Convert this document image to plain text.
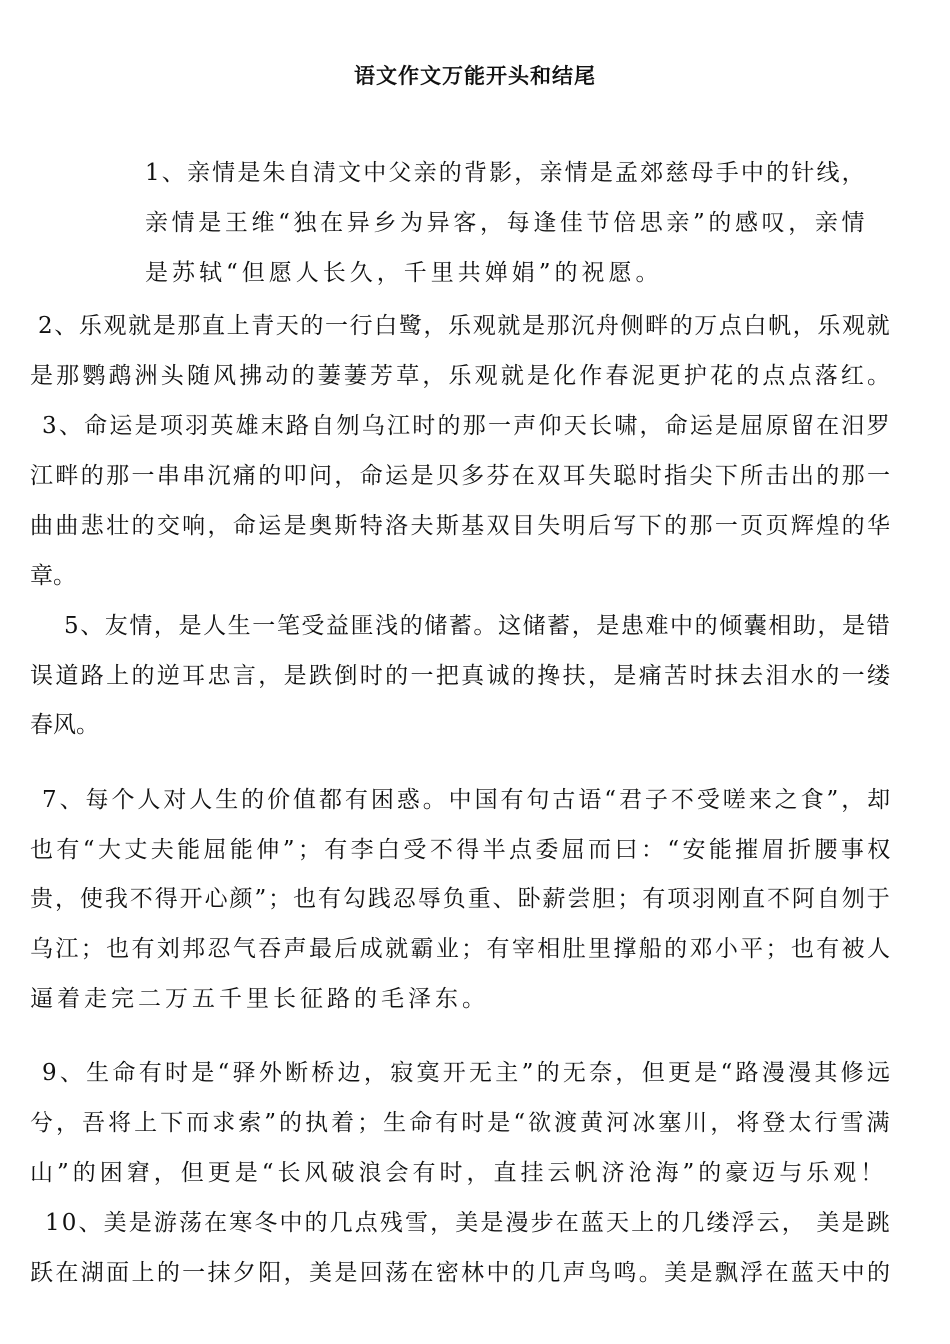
语文作文万能开头和结尾
1、亲情是朱自清文中父亲的背影，亲情是孟郊慈母手中的针线，
亲情是王维“独在异乡为异客，每逢佳节倍思亲”的感叹，亲情
是苏轼“但愿人长久，千里共婵娟”的祝愿。
2、乐观就是那直上青天的一行白鹭，乐观就是那沉舟侧畔的万点白帆，乐观就
是那鹦鹉洲头随风拂动的萋萋芳草，乐观就是化作春泥更护花的点点落红。
3、命运是项羽英雄末路自刎乌江时的那一声仰天长啸，命运是屈原留在汨罗
江畔的那一串串沉痛的叩问，命运是贝多芬在双耳失聪时指尖下所击出的那一
曲曲悲壮的交响，命运是奥斯特洛夫斯基双目失明后写下的那一页页辉煌的华
章。
5、友情，是人生一笔受益匪浅的储蓄。这储蓄，是患难中的倾囊相助，是错
误道路上的逆耳忠言，是跌倒时的一把真诚的搀扶，是痛苦时抹去泪水的一缕
春风。
7、每个人对人生的价值都有困惑。中国有句古语“君子不受嗟来之食”，却
也有“大丈夫能屈能伸”；有李白受不得半点委屈而曰：“安能摧眉折腰事权
贵，使我不得开心颜”；也有勾践忍辱负重、卧薪尝胆；有项羽刚直不阿自刎于
乌江；也有刘邦忍气吞声最后成就霸业；有宰相肚里撑船的邓小平；也有被人
逼着走完二万五千里长征路的毛泽东。
9、生命有时是“驿外断桥边，寂寞开无主”的无奈，但更是“路漫漫其修远
兮，吾将上下而求索”的执着；生命有时是“欲渡黄河冰塞川，将登太行雪满
山”的困窘，但更是“长风破浪会有时，直挂云帆济沧海”的豪迈与乐观！
10、美是游荡在寒冬中的几点残雪，美是漫步在蓝天上的几缕浮云， 美是跳
跃在湖面上的一抹夕阳，美是回荡在密林中的几声鸟鸣。美是飘浮在蓝天中的
